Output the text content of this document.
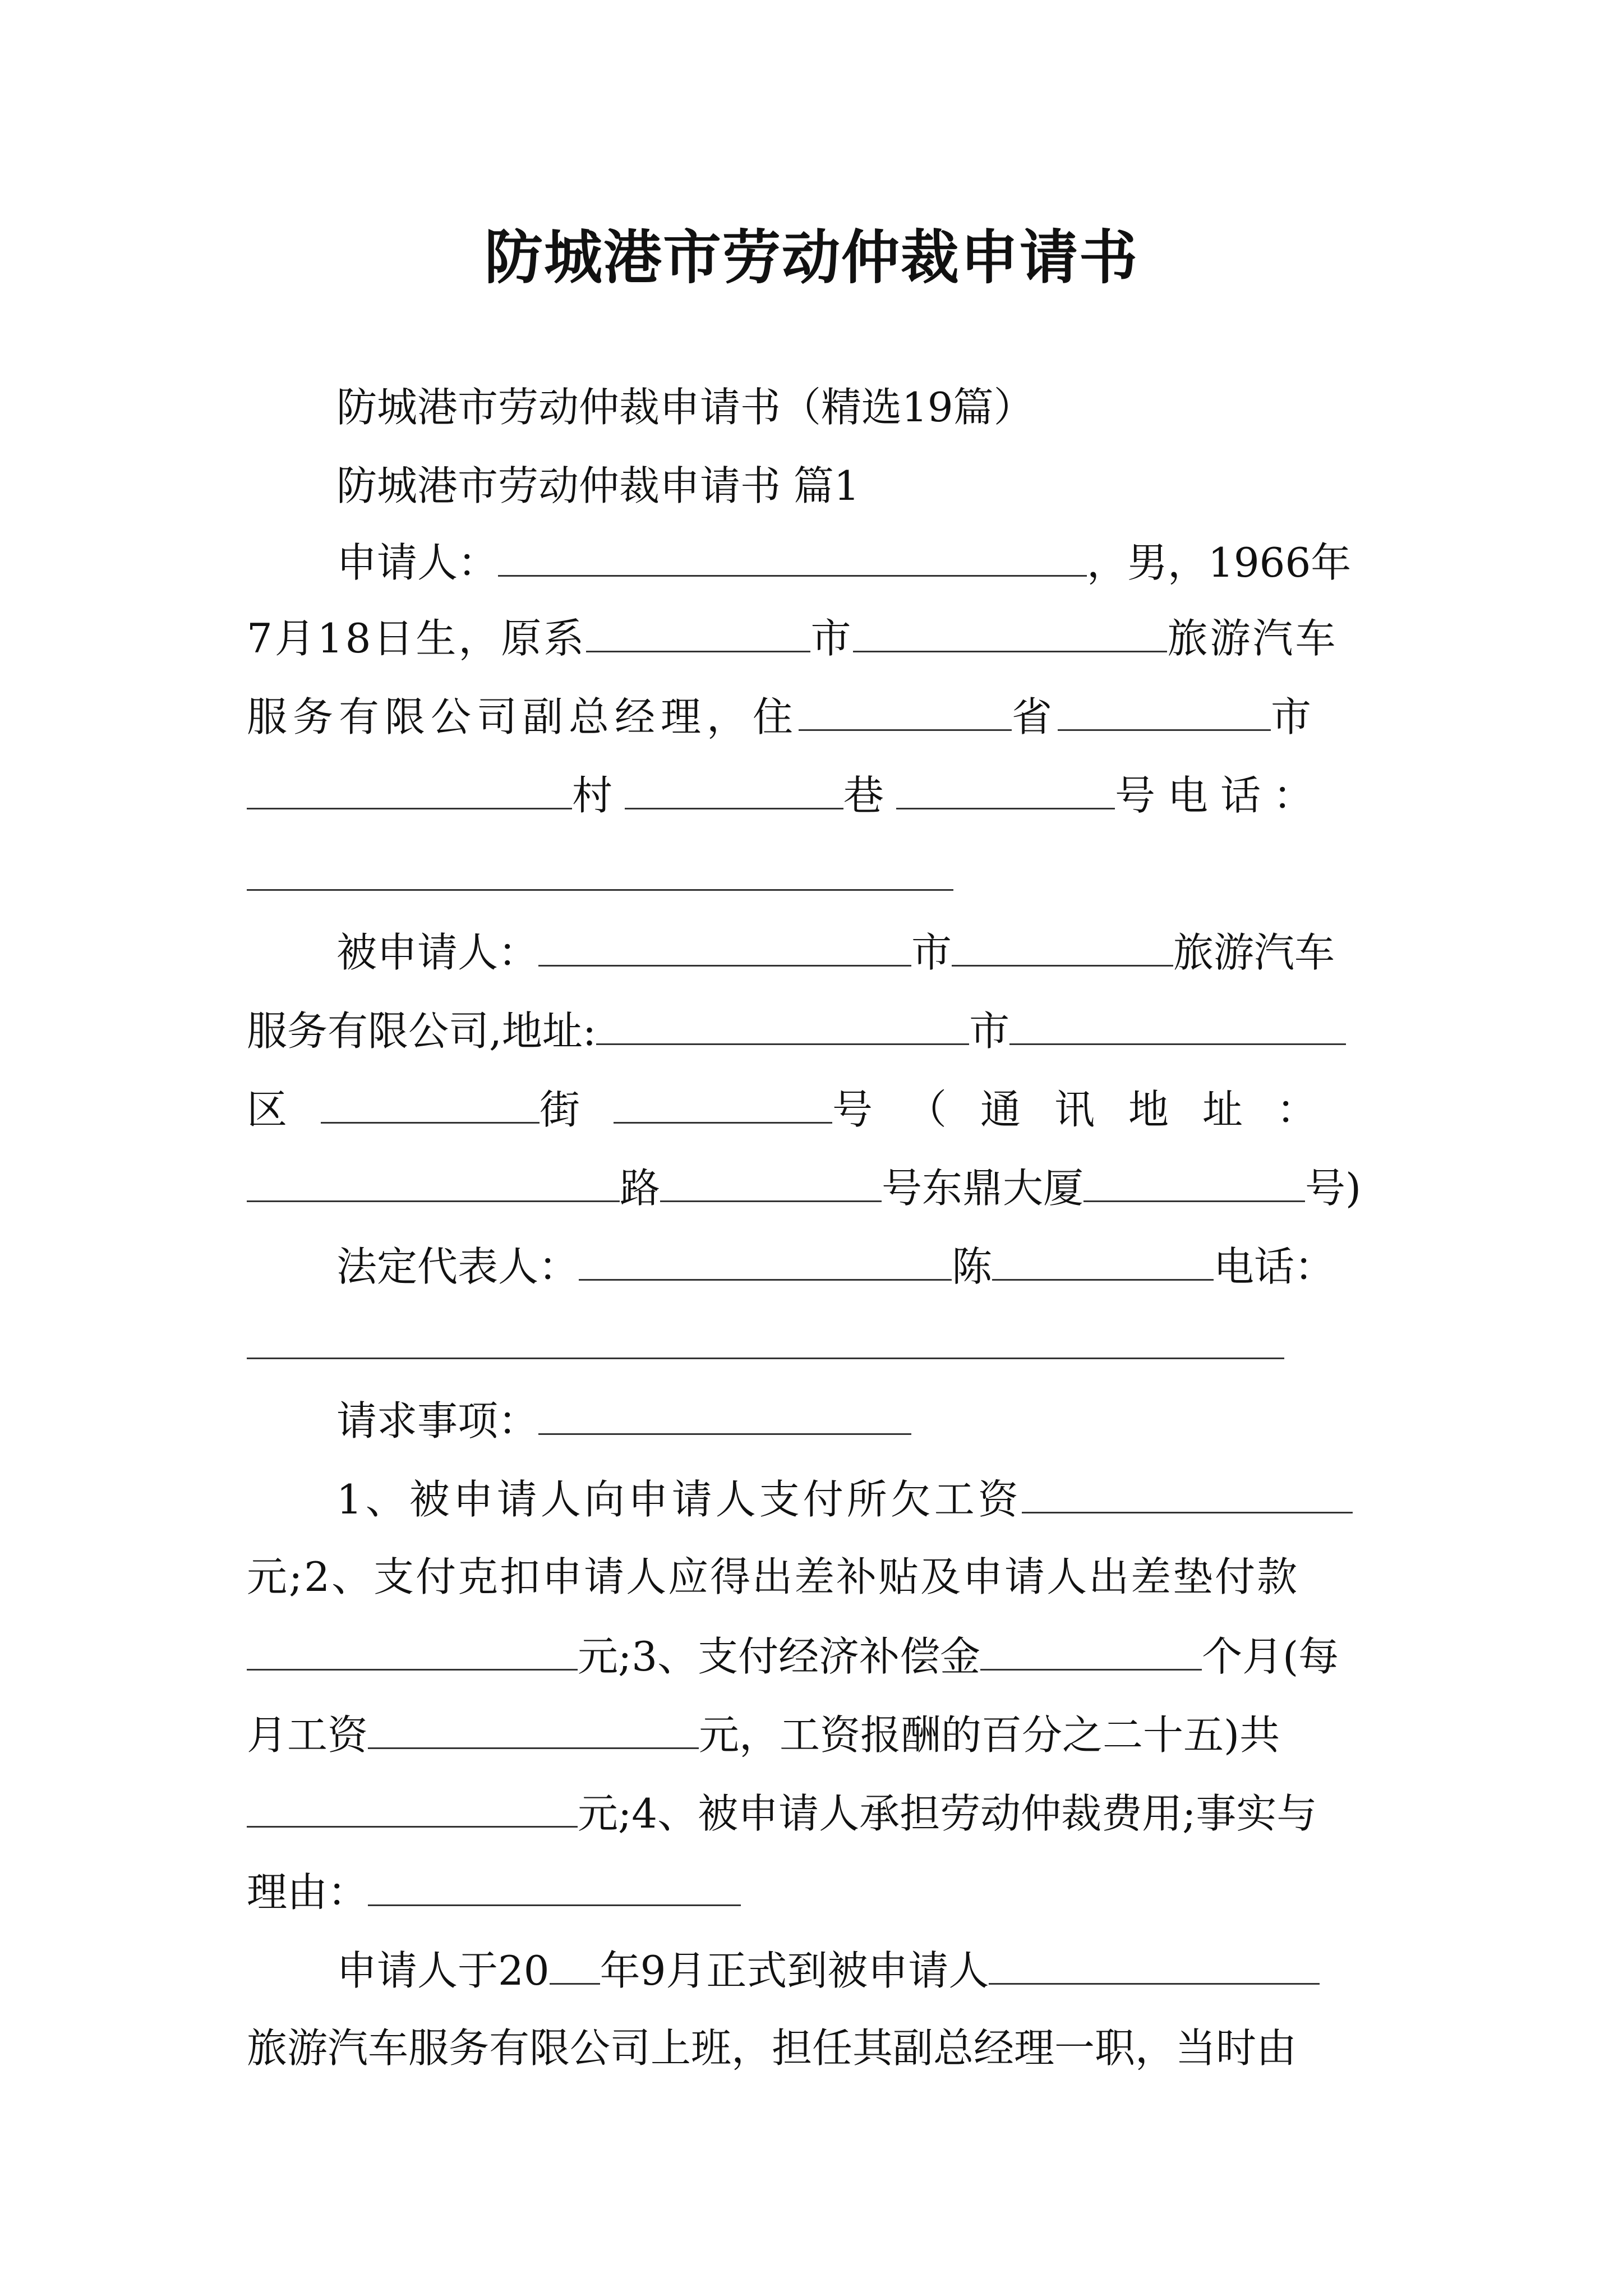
防城港市劳动仲裁申请书
防城港市劳动仲裁申请书（精选19篇）
防城港市劳动仲裁申请书 篇1
申请人：	，男，1966年
7月18日生，原系	市	旅游汽车
服务有限公司副总经理，住	省	市
村	巷	号电话：
被申请人：	市	旅游汽车
服务有限公司,地址:	市
区	街	号（通讯地址：
路	号东鼎大厦	号)
法定代表人：	陈	电话：
请求事项：
1、被申请人向申请人支付所欠工资
元;2、支付克扣申请人应得出差补贴及申请人出差垫付款
元;3、支付经济补偿金	个月(每
月工资	元，工资报酬的百分之二十五)共
元;4、被申请人承担劳动仲裁费用;事实与
理由：
申请人于20 年9月正式到被申请人
旅游汽车服务有限公司上班，担任其副总经理一职，当时由
